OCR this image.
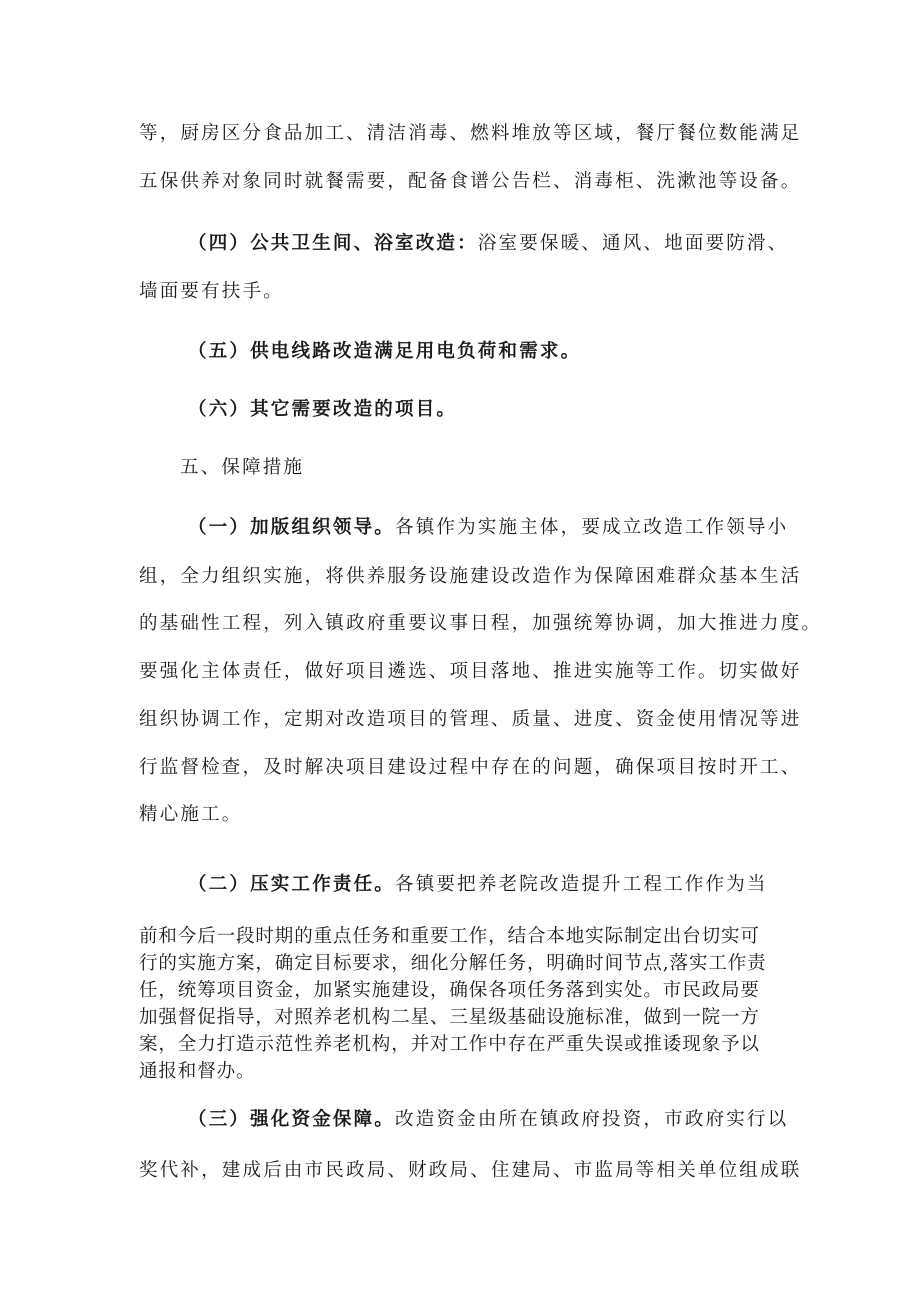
等，厨房区分食品加工、清洁消毒、燃料堆放等区域，餐厅餐位数能满足
五保供养对象同时就餐需要，配备食谱公告栏、消毒柜、洗漱池等设备。
（四）公共卫生间、浴室改造：浴室要保暖、通风、地面要防滑、
墙面要有扶手。
（五）供电线路改造满足用电负荷和需求。
（六）其它需要改造的项目。
五、保障措施
（一）加版组织领导。各镇作为实施主体，要成立改造工作领导小
组，全力组织实施，将供养服务设施建设改造作为保障困难群众基本生活
的基础性工程，列入镇政府重要议事日程，加强统筹协调，加大推进力度。
要强化主体责任，做好项目遴选、项目落地、推进实施等工作。切实做好
组织协调工作，定期对改造项目的管理、质量、进度、资金使用情况等进
行监督检查，及时解决项目建设过程中存在的问题，确保项目按时开工、
精心施工。
（二）压实工作责任。各镇要把养老院改造提升工程工作作为当
前和今后一段时期的重点任务和重要工作，结合本地实际制定出台切实可
行的实施方案，确定目标要求，细化分解任务，明确时间节点,落实工作责
任，统筹项目资金，加紧实施建设，确保各项任务落到实处。市民政局要
加强督促指导，对照养老机构二星、三星级基础设施标准，做到一院一方
案，全力打造示范性养老机构，并对工作中存在严重失误或推诿现象予以
通报和督办。
（三）强化资金保障。改造资金由所在镇政府投资，市政府实行以
奖代补，建成后由市民政局、财政局、住建局、市监局等相关单位组成联
